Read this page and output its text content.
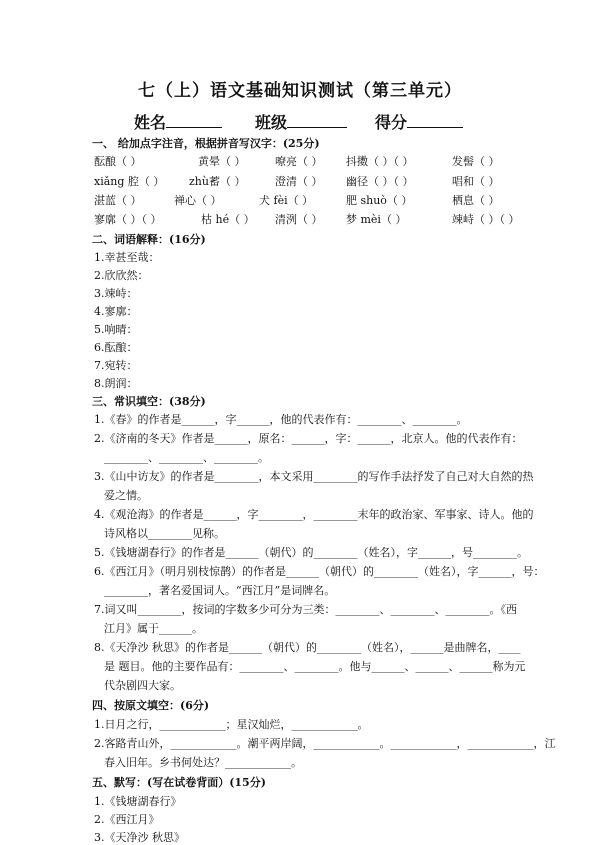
七（上）语文基础知识测试（第三单元）
姓名	班级	得分
一、 给加点字注音，根据拼音写汉字：(25分)
酝酿（ ）	黄晕（ ）	嘹亮（ ） 抖擞（ ）（ ）	发髻（ ）
xiǎng 腔（ ） zhù蓄（ ）	澄清（ ） 幽径（ ）（ ）	唱和（ ）
湛蓝（ ）	禅心（ ）	犬 fèi（ ）	肥 shuò（ ）	栖息（ ）
寥廓（ ）（ ）	枯 hé（ ） 清洌（ ） 梦 mèi（ ）	竦峙（ ）（ ）
二、词语解释：(16分)
1.幸甚至哉：
2.欣欣然：
3.竦峙：
4.寥廓：
5.响晴：
6.酝酿：
7.宛转：
8.朗润：
三、常识填空：(38分)
1.《春》的作者是______，字______，他的代表作有：________、________。
2.《济南的冬天》作者是______，原名：______，字：______，北京人。他的代表作有：
________、________、________。
3.《山中访友》的作者是________，本文采用________的写作手法抒发了自己对大自然的热
爱之情。
4.《观沧海》的作者是______，字________，________末年的政治家、军事家、诗人。他的
诗风格以________见称。
5.《钱塘湖春行》的作者是______（朝代）的________（姓名），字______，号________。
6.《西江月》（明月别枝惊鹊）的作者是______（朝代）的________（姓名），字______，号：
________，著名爱国词人。“西江月”是词牌名。
7.词又叫________，按词的字数多少可分为三类：________、________、________。《西
江月》属于______。
8.《天净沙 秋思》的作者是______（朝代）的________（姓名），______是曲牌名，____
是 题目。他的主要作品有：________、________。他与______、______、______称为元
代杂剧四大家。
四、按原文填空：(6分)
1.日月之行，____________；星汉灿烂，____________。
2.客路青山外，____________。潮平两岸阔，____________。____________，____________，江
春入旧年。乡书何处达？____________。
五、默写：(写在试卷背面）(15分)
1.《钱塘湖春行》
2.《西江月》
3.《天净沙 秋思》
